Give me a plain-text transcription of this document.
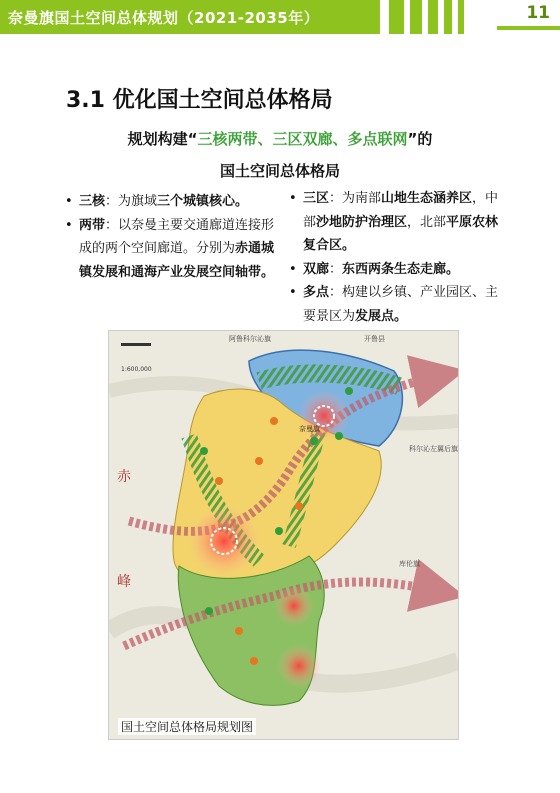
奈曼旗国土空间总体规划（2021-2035年）	11
3.1 优化国土空间总体格局
规划构建“三核两带、三区双廊、多点联网”的
国土空间总体格局
• 三核：为旗域三个城镇核心。
• 两带：以奈曼主要交通廊道连接形成的两个空间廊道。分别为赤通城镇发展和通海产业发展空间轴带。
• 三区：为南部山地生态涵养区，中部沙地防护治理区，北部平原农林复合区。
• 双廊：东西两条生态走廊。
• 多点：构建以乡镇、产业园区、主要景区为发展点。
1:600,000
阿鲁科尔沁旗	开鲁县
科尔沁左翼后旗
奈曼旗
赤
峰
库伦旗
国土空间总体格局规划图
